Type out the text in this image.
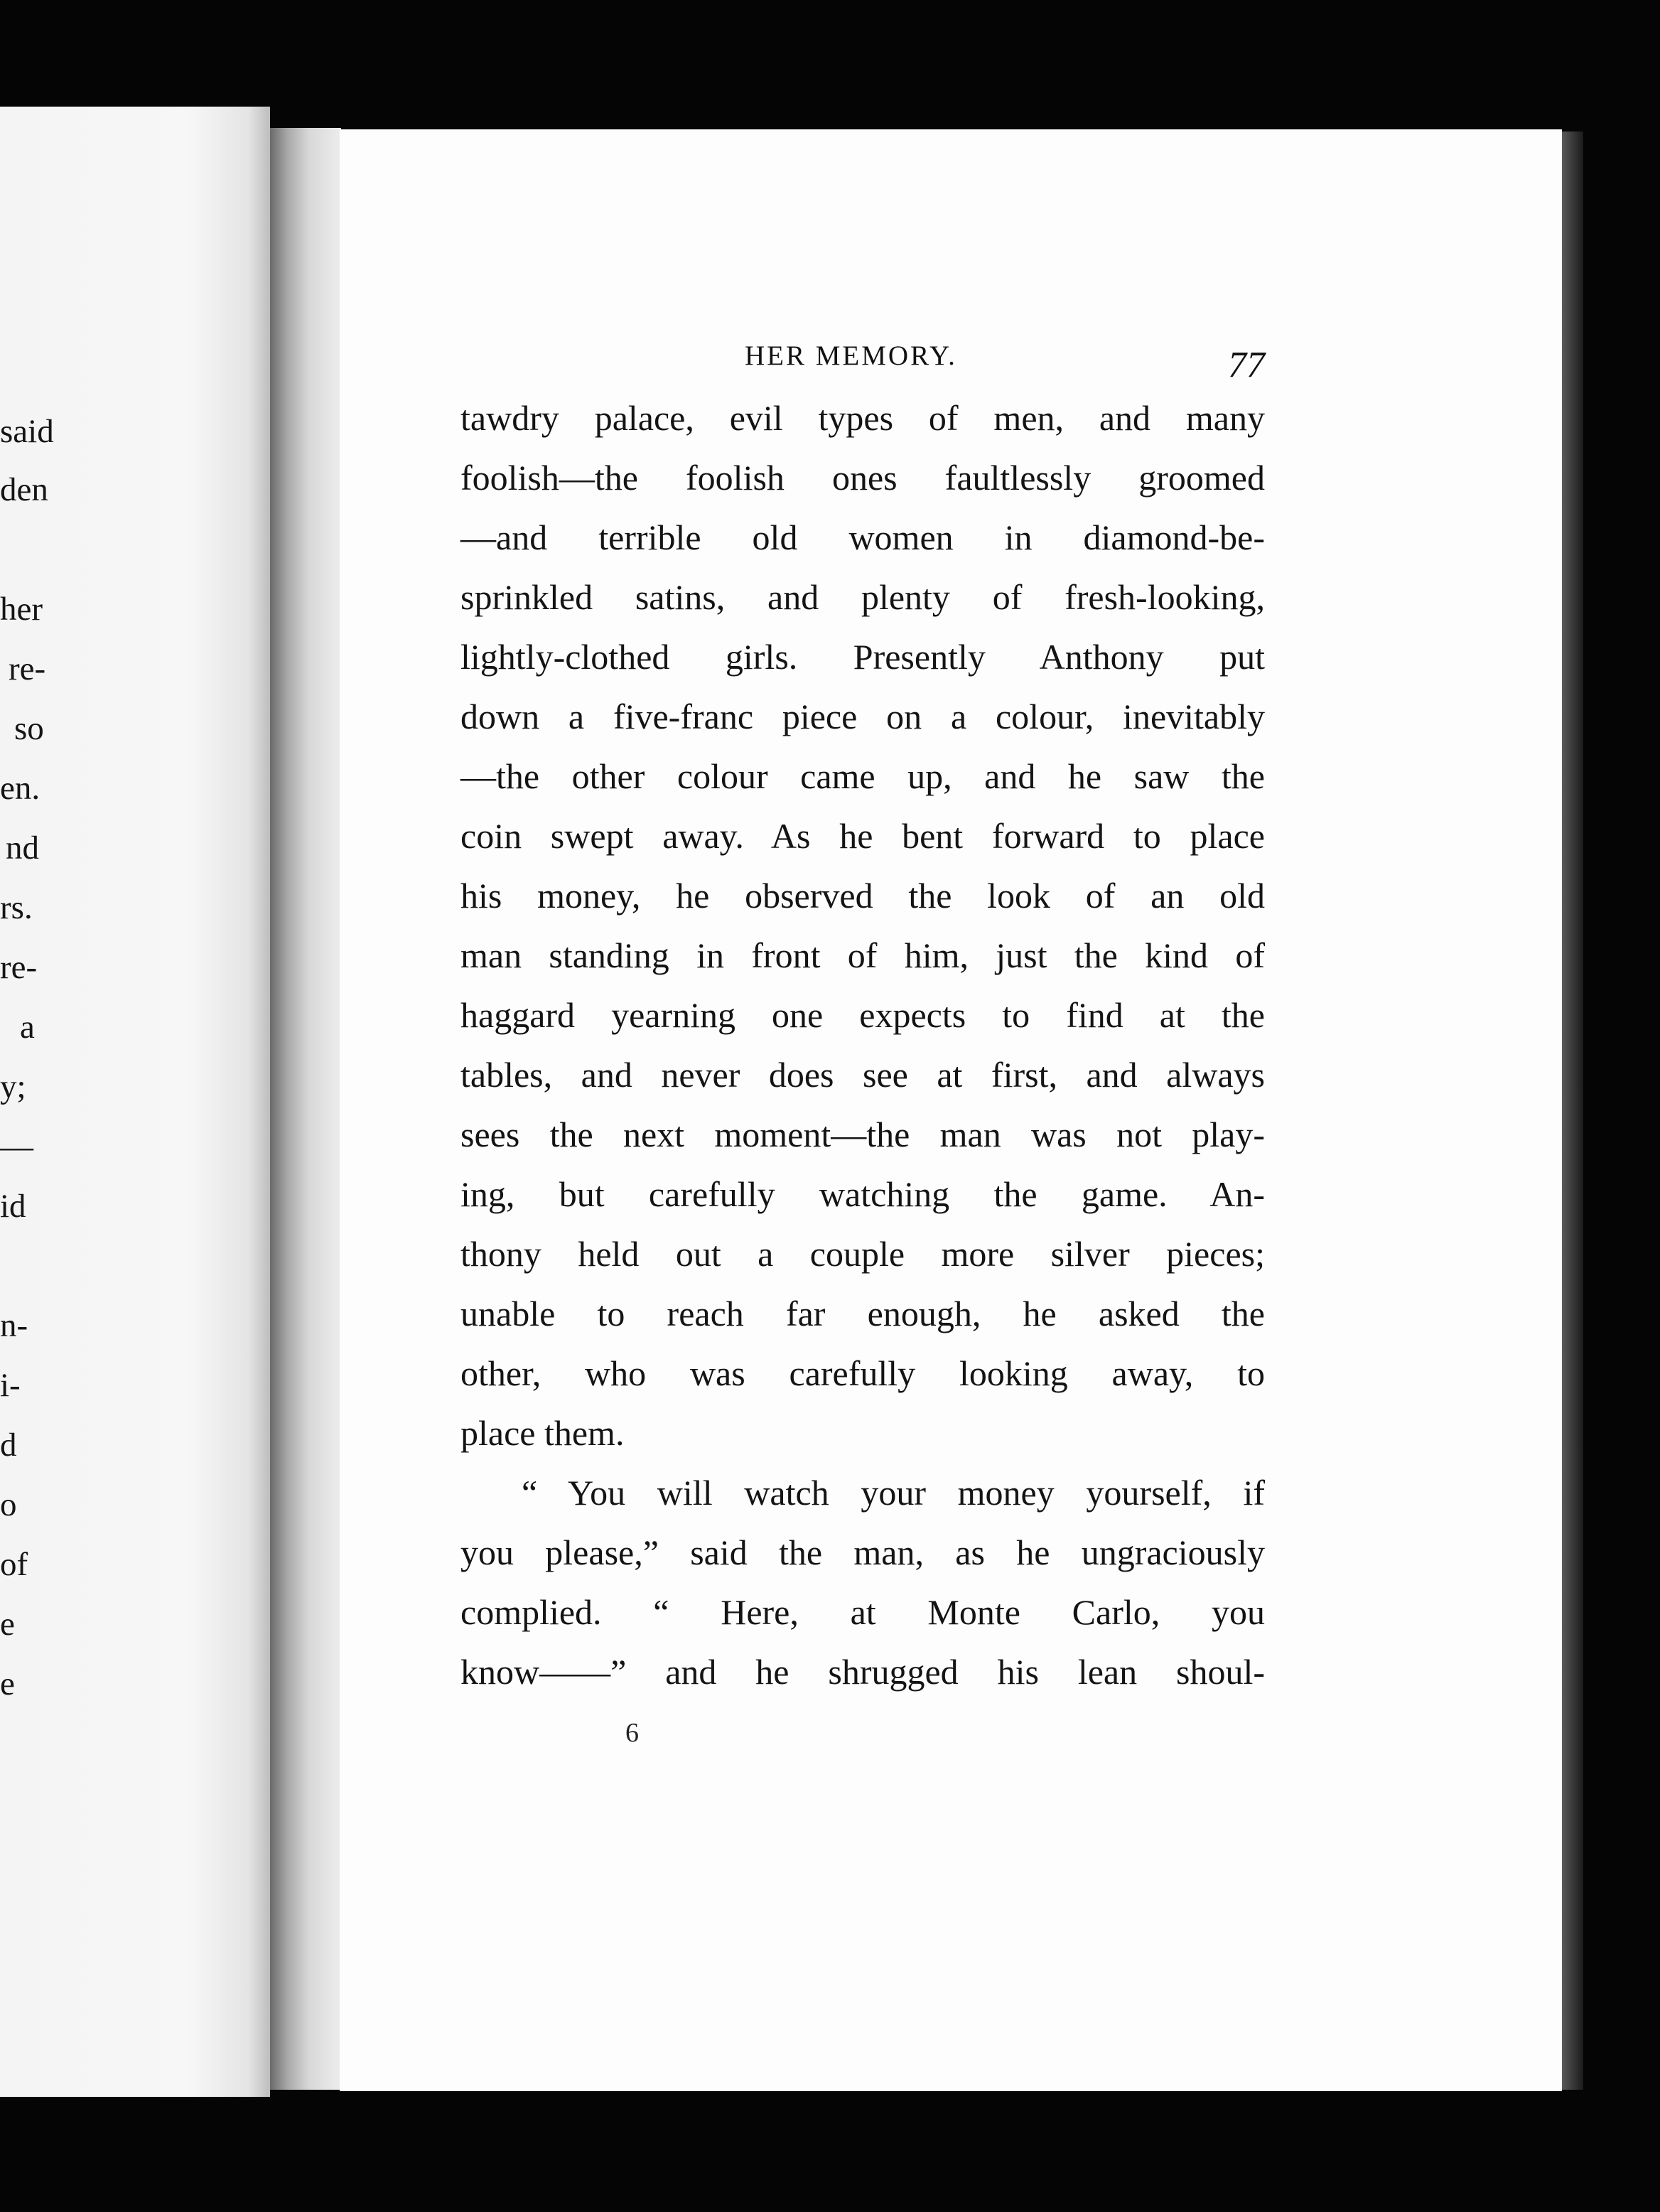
said
den
her
re-
so
en.
nd
rs.
re-
a
y;
—
id
n-
i-
d
o
of
e
e
HER MEMORY.	77
tawdry palace, evil types of men, and many
foolish—the foolish ones faultlessly groomed
—and terrible old women in diamond-be-
sprinkled satins, and plenty of fresh-looking,
lightly-clothed girls. Presently Anthony put
down a five-franc piece on a colour, inevitably
—the other colour came up, and he saw the
coin swept away. As he bent forward to place
his money, he observed the look of an old
man standing in front of him, just the kind of
haggard yearning one expects to find at the
tables, and never does see at first, and always
sees the next moment—the man was not play-
ing, but carefully watching the game. An-
thony held out a couple more silver pieces;
unable to reach far enough, he asked the
other, who was carefully looking away, to
place them.
“ You will watch your money yourself, if
you please,” said the man, as he ungraciously
complied. “ Here, at Monte Carlo, you
know——” and he shrugged his lean shoul-
6
